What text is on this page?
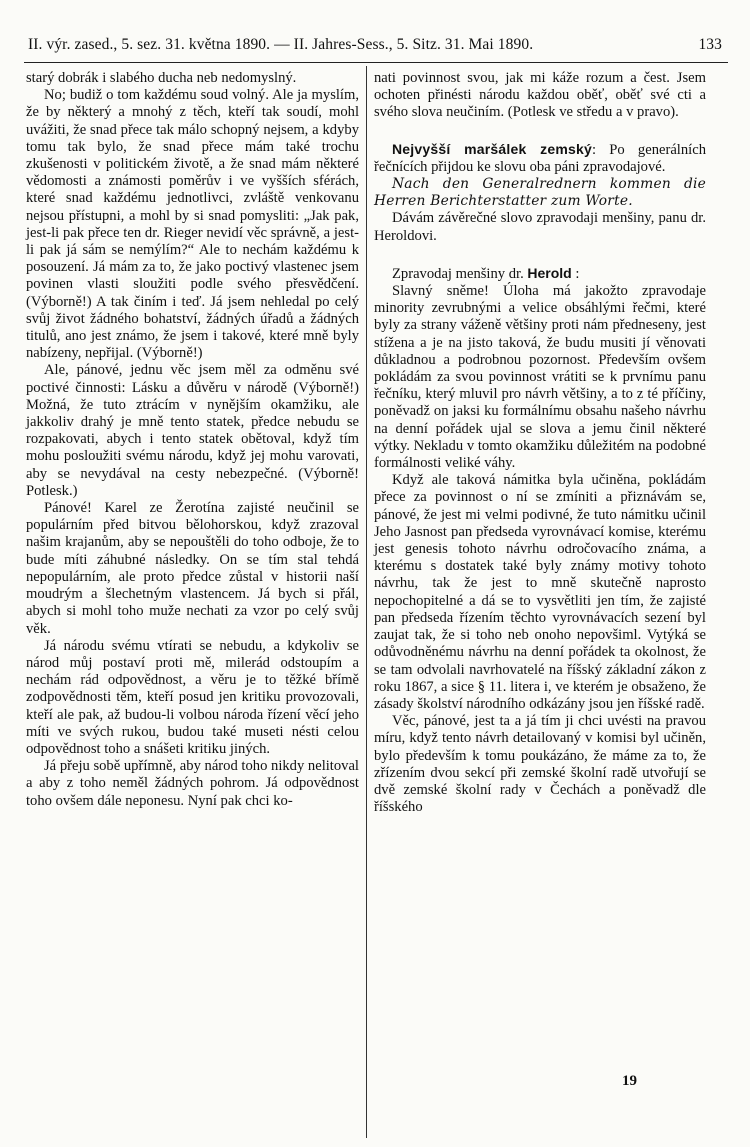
II. výr. zased., 5. sez. 31. května 1890. — II. Jahres-Sess., 5. Sitz. 31. Mai 1890.	133

starý dobrák i slabého ducha neb nedomyslný.

No; budiž o tom každému soud volný. Ale ja myslím, že by některý a mnohý z těch, kteří tak soudí, mohl uvážiti, že snad přece tak málo schopný nejsem, a kdyby tomu tak bylo, že snad přece mám také trochu zkušenosti v politickém životě, a že snad mám některé vědomosti a známosti poměrův i ve vyšších sférách, které snad každému jednotlivci, zvláště venkovanu nejsou přístupni, a mohl by si snad pomysliti: „Jak pak, jest-li pak přece ten dr. Rieger nevidí věc správně, a jest-li pak já sám se nemýlím?“ Ale to nechám každému k posouzení. Já mám za to, že jako poctivý vlastenec jsem povinen vlasti sloužiti podle svého přesvědčení. (Výborně!) A tak činím i teď. Já jsem nehledal po celý svůj život žádného bohatství, žádných úřadů a žádných titulů, ano jest známo, že jsem i takové, které mně byly nabízeny, nepřijal. (Výborně!)

Ale, pánové, jednu věc jsem měl za odměnu své poctivé činnosti: Lásku a důvěru v národě (Výborně!) Možná, že tuto ztrácím v nynějším okamžiku, ale jakkoliv drahý je mně tento statek, předce nebudu se rozpakovati, abych i tento statek obětoval, když tím mohu posloužiti svému národu, když jej mohu varovati, aby se nevydával na cesty nebezpečné. (Výborně! Potlesk.)

Pánové! Karel ze Žerotína zajisté neučinil se populárním před bitvou bělohorskou, když zrazoval našim krajanům, aby se nepouštěli do toho odboje, že to bude míti záhubné následky. On se tím stal tehdá nepopulárním, ale proto předce zůstal v historii naší moudrým a šlechetným vlastencem. Já bych si přál, abych si mohl toho muže nechati za vzor po celý svůj věk.

Já národu svému vtírati se nebudu, a kdykoliv se národ můj postaví proti mě, milerád odstoupím a nechám rád odpovědnost, a věru je to těžké břímě zodpovědnosti těm, kteří posud jen kritiku provozovali, kteří ale pak, až budou-li volbou národa řízení věcí jeho míti ve svých rukou, budou také museti nésti celou odpovědnost toho a snášeti kritiku jiných.

Já přeju sobě upřímně, aby národ toho nikdy nelitoval a aby z toho neměl žádných pohrom. Já odpovědnost toho ovšem dále neponesu. Nyní pak chci ko-

nati povinnost svou, jak mi káže rozum a čest. Jsem ochoten přinésti národu každou oběť, oběť své cti a svého slova neučiním. (Potlesk ve středu a v pravo).

Nejvyšší maršálek zemský: Po generálních řečnících přijdou ke slovu oba páni zpravodajové.

Nach den Generalrednern kommen die Herren Berichterstatter zum Worte.

Dávám závěrečné slovo zpravodaji menšiny, panu dr. Heroldovi.

Zpravodaj menšiny dr. Herold :

Slavný sněme! Úloha má jakožto zpravodaje minority zevrubnými a velice obsáhlými řečmi, které byly za strany váženě většiny proti nám předneseny, jest stížena a je na jisto taková, že budu musiti jí věnovati důkladnou a podrobnou pozornost. Především ovšem pokládám za svou povinnost vrátiti se k prvnímu panu řečníku, který mluvil pro návrh většiny, a to z té příčiny, poněvadž on jaksi ku formálnímu obsahu našeho návrhu na denní pořádek ujal se slova a jemu činil některé výtky. Nekladu v tomto okamžiku důležitém na podobné formálnosti veliké váhy.

Když ale taková námitka byla učiněna, pokládám přece za povinnost o ní se zmíniti a přiznávám se, pánové, že jest mi velmi podivné, že tuto námitku učinil Jeho Jasnost pan předseda vyrovnávací komise, kterému jest genesis tohoto návrhu odročovacího známa, a kterému s dostatek také byly známy motivy tohoto návrhu, tak že jest to mně skutečně naprosto nepochopitelné a dá se to vysvětliti jen tím, že zajisté pan předseda řízením těchto vyrovnávacích sezení byl zaujat tak, že si toho neb onoho nepovšiml. Vytýká se odůvodněnému návrhu na denní pořádek ta okolnost, že se tam odvolali navrhovatelé na říšský základní zákon z roku 1867, a sice § 11. litera i, ve kterém je obsaženo, že zásady školství národního odkázány jsou jen říšské radě.

Věc, pánové, jest ta a já tím ji chci uvésti na pravou míru, když tento návrh detailovaný v komisi byl učiněn, bylo především k tomu poukázáno, že máme za to, že zřízením dvou sekcí při zemské školní radě utvořují se dvě zemské školní rady v Čechách a poněvadž dle říšského

19
